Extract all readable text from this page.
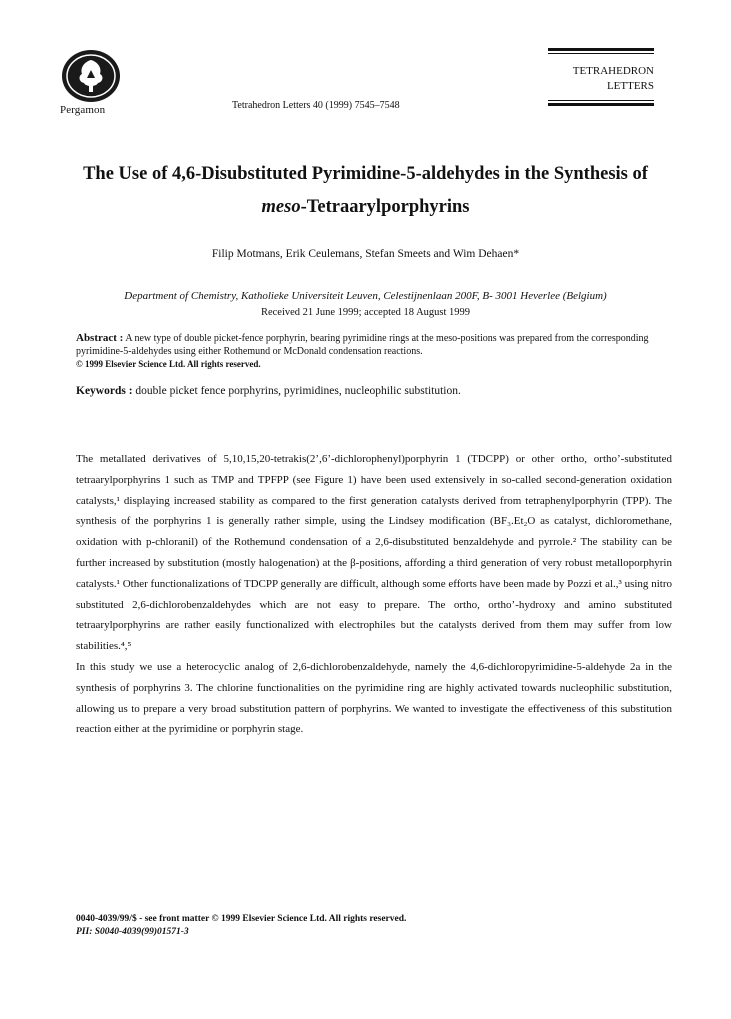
Pergamon	Tetrahedron Letters 40 (1999) 7545–7548
TETRAHEDRON
LETTERS
The Use of 4,6-Disubstituted Pyrimidine-5-aldehydes in the Synthesis of
meso-Tetraarylporphyrins
Filip Motmans, Erik Ceulemans, Stefan Smeets and Wim Dehaen*
Department of Chemistry, Katholieke Universiteit Leuven, Celestijnenlaan 200F, B- 3001 Heverlee (Belgium)
Received 21 June 1999; accepted 18 August 1999
Abstract : A new type of double picket-fence porphyrin, bearing pyrimidine rings at the meso-positions was prepared from the corresponding pyrimidine-5-aldehydes using either Rothemund or McDonald condensation reactions.
© 1999 Elsevier Science Ltd. All rights reserved.
Keywords : double picket fence porphyrins, pyrimidines, nucleophilic substitution.

The metallated derivatives of 5,10,15,20-tetrakis(2’,6’-dichlorophenyl)porphyrin 1 (TDCPP) or other ortho, ortho’-substituted tetraarylporphyrins 1 such as TMP and TPFPP (see Figure 1) have been used extensively in so-called second-generation oxidation catalysts,¹ displaying increased stability as compared to the first generation catalysts derived from tetraphenylporphyrin (TPP). The synthesis of the porphyrins 1 is generally rather simple, using the Lindsey modification (BF₃.Et₂O as catalyst, dichloromethane, oxidation with p-chloranil) of the Rothemund condensation of a 2,6-disubstituted benzaldehyde and pyrrole.² The stability can be further increased by substitution (mostly halogenation) at the β-positions, affording a third generation of very robust metalloporphyrin catalysts.¹ Other functionalizations of TDCPP generally are difficult, although some efforts have been made by Pozzi et al.,³ using nitro substituted 2,6-dichlorobenzaldehydes which are not easy to prepare. The ortho, ortho’-hydroxy and amino substituted tetraarylporphyrins are rather easily functionalized with electrophiles but the catalysts derived from them may suffer from low stabilities.⁴,⁵

In this study we use a heterocyclic analog of 2,6-dichlorobenzaldehyde, namely the 4,6-dichloropyrimidine-5-aldehyde 2a in the synthesis of porphyrins 3. The chlorine functionalities on the pyrimidine ring are highly activated towards nucleophilic substitution, allowing us to prepare a very broad substitution pattern of porphyrins. We wanted to investigate the effectiveness of this substitution reaction either at the pyrimidine or porphyrin stage.

0040-4039/99/$ - see front matter © 1999 Elsevier Science Ltd. All rights reserved.
PII: S0040-4039(99)01571-3
